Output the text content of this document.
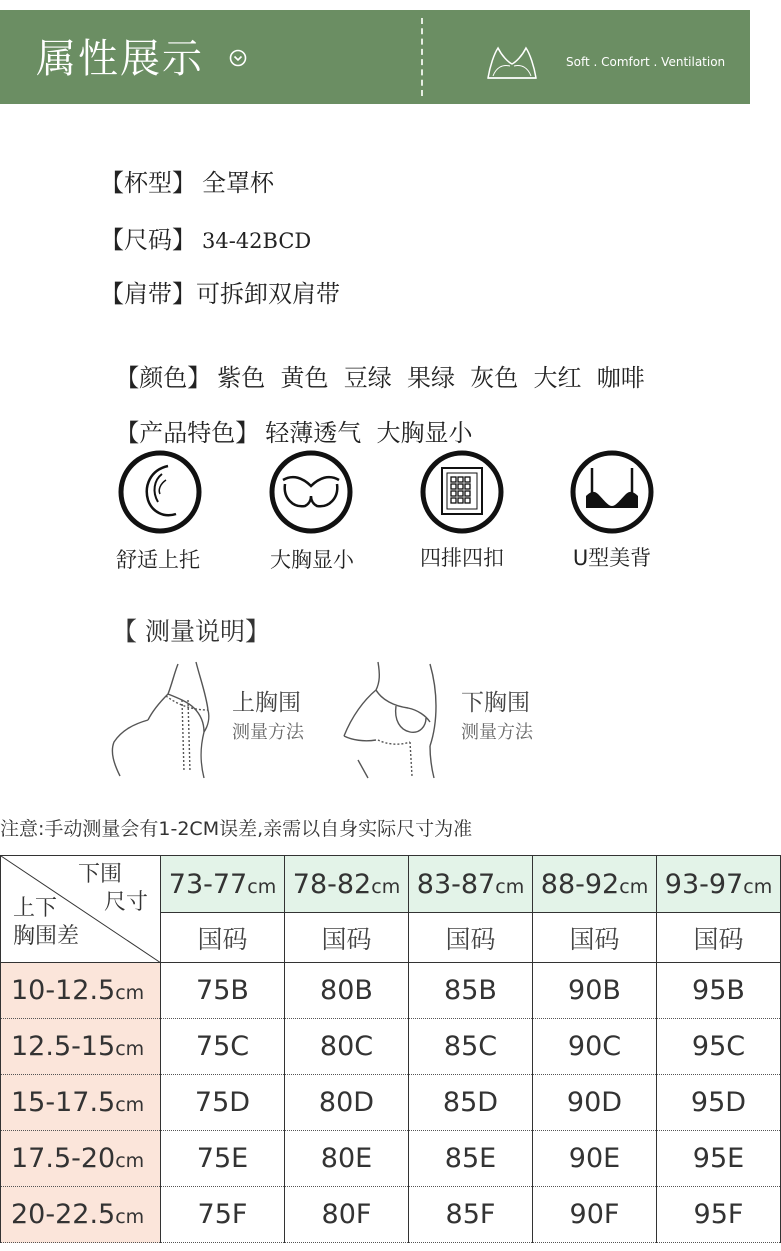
属性展示	Soft . Comfort . Ventilation
【杯型】 全罩杯
【尺码】 34-42BCD
【肩带】可拆卸双肩带

【颜色】 紫色  黄色  豆绿  果绿  灰色  大红  咖啡

【产品特色】 轻薄透气  大胸显小

舒适上托	大胸显小	四排四扣	U型美背
【 测量说明】
上胸围
测量方法
下胸围
测量方法
注意:手动测量会有1-2CM误差,亲需以自身实际尺寸为准
下围
尺寸
上下
胸围差	73-77cm	78-82cm	83-87cm	88-92cm	93-97cm
	国码	国码	国码	国码	国码
10-12.5cm	75B	80B	85B	90B	95B
12.5-15cm	75C	80C	85C	90C	95C
15-17.5cm	75D	80D	85D	90D	95D
17.5-20cm	75E	80E	85E	90E	95E
20-22.5cm	75F	80F	85F	90F	95F
